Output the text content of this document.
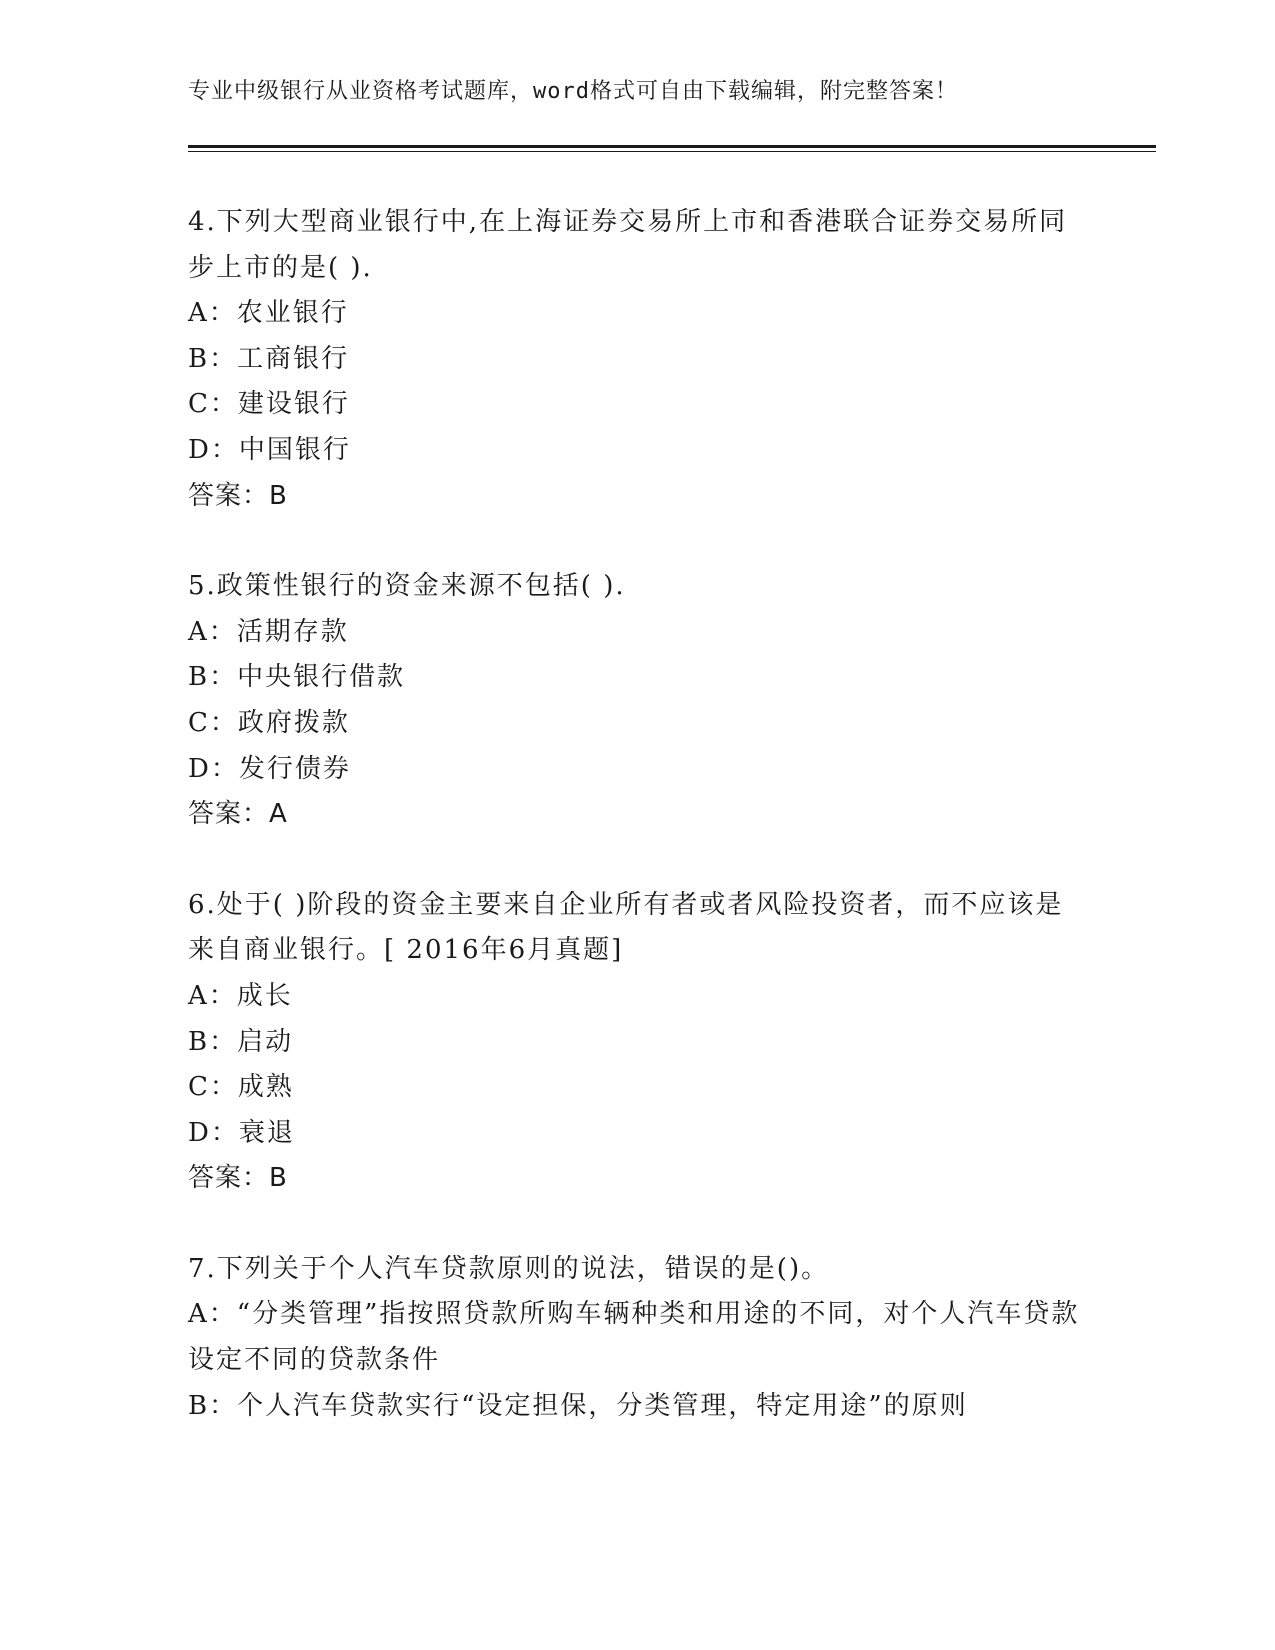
专业中级银行从业资格考试题库，word格式可自由下载编辑，附完整答案！

4.下列大型商业银行中,在上海证券交易所上市和香港联合证券交易所同步上市的是( ).

A：农业银行

B：工商银行

C：建设银行

D：中国银行

答案：B

5.政策性银行的资金来源不包括( ).

A：活期存款

B：中央银行借款

C：政府拨款

D：发行债券

答案：A

6.处于( )阶段的资金主要来自企业所有者或者风险投资者，而不应该是来自商业银行。[ 2016年6月真题]

A：成长

B：启动

C：成熟

D：衰退

答案：B

7.下列关于个人汽车贷款原则的说法，错误的是()。

A：“分类管理”指按照贷款所购车辆种类和用途的不同，对个人汽车贷款设定不同的贷款条件

B：个人汽车贷款实行“设定担保，分类管理，特定用途”的原则
